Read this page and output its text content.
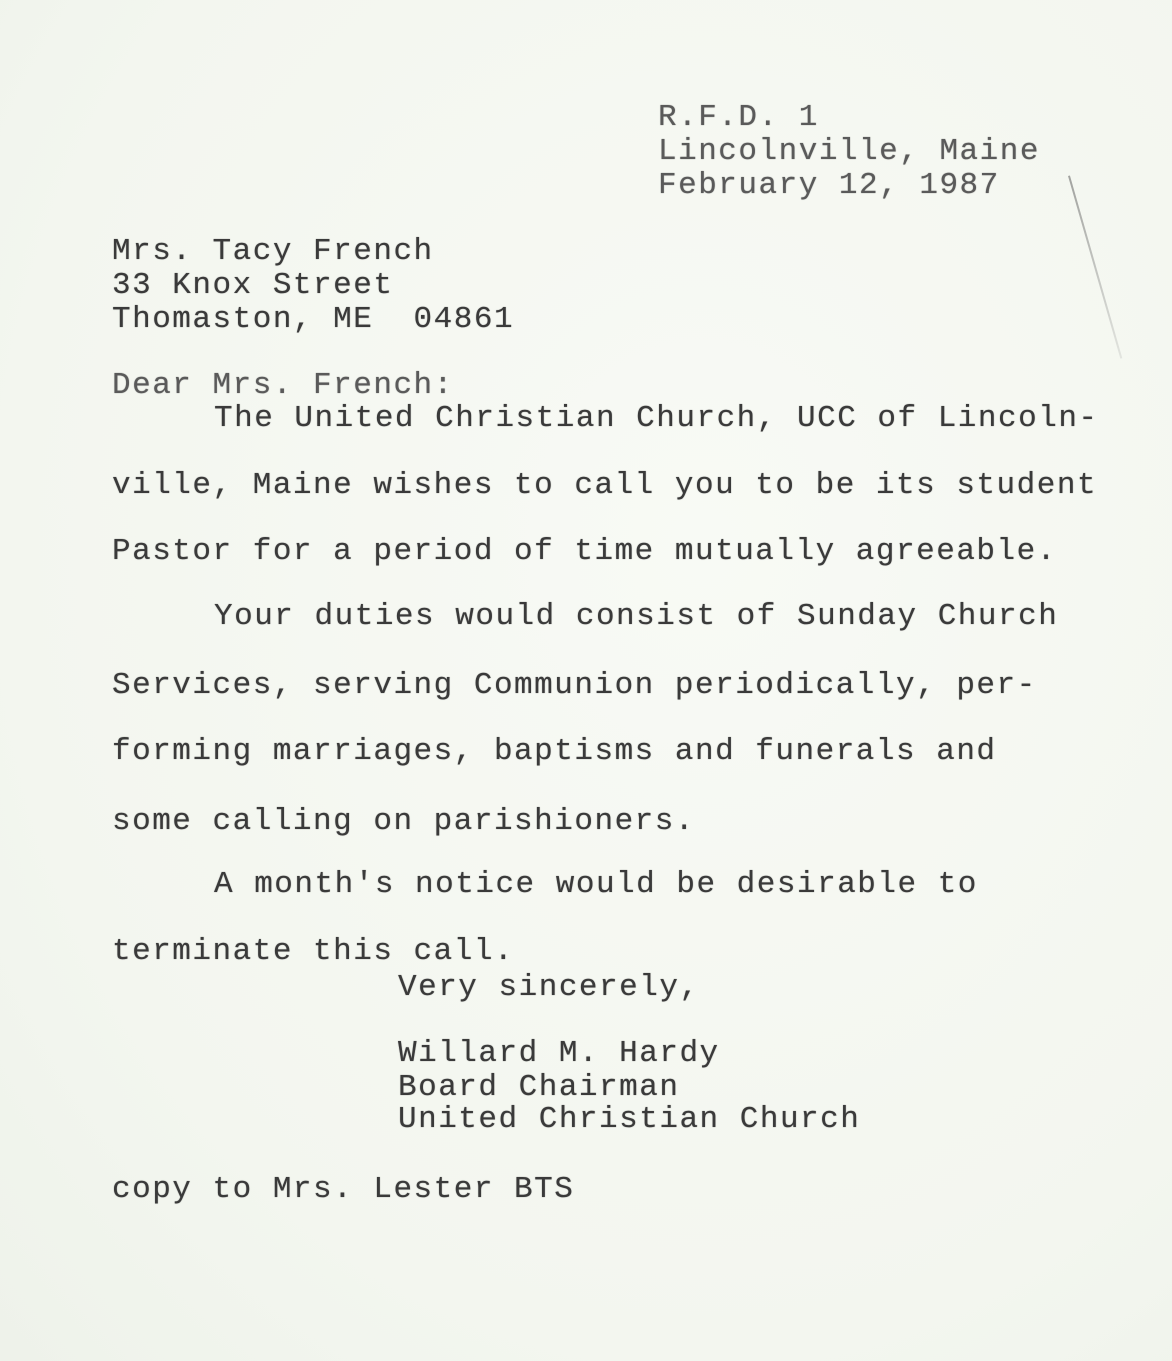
R.F.D. 1
Lincolnville, Maine
February 12, 1987
Mrs. Tacy French
33 Knox Street
Thomaston, ME  04861
Dear Mrs. French:
The United Christian Church, UCC of Lincoln-
ville, Maine wishes to call you to be its student
Pastor for a period of time mutually agreeable.
Your duties would consist of Sunday Church
Services, serving Communion periodically, per-
forming marriages, baptisms and funerals and
some calling on parishioners.
A month's notice would be desirable to
terminate this call.
Very sincerely,
Willard M. Hardy
Board Chairman
United Christian Church
copy to Mrs. Lester BTS
